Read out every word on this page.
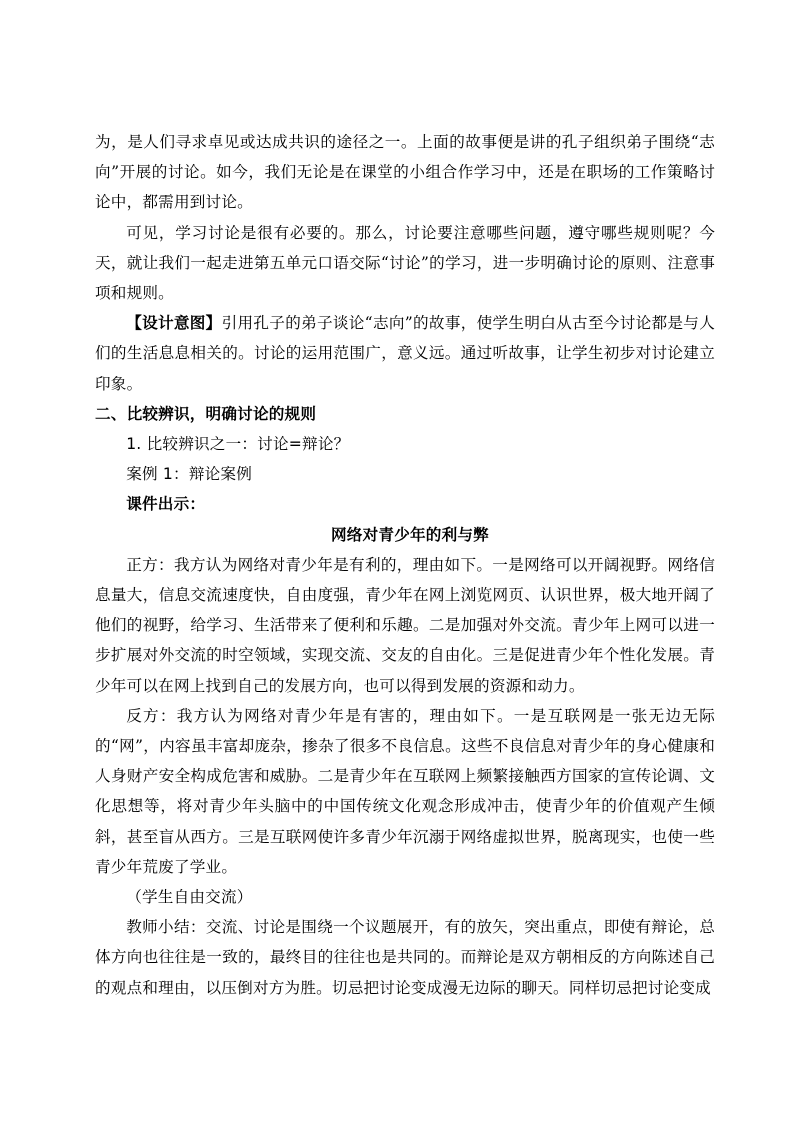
为，是人们寻求卓见或达成共识的途径之一。上面的故事便是讲的孔子组织弟子围绕“志向”开展的讨论。如今，我们无论是在课堂的小组合作学习中，还是在职场的工作策略讨论中，都需用到讨论。

可见，学习讨论是很有必要的。那么，讨论要注意哪些问题，遵守哪些规则呢？今天，就让我们一起走进第五单元口语交际“讨论”的学习，进一步明确讨论的原则、注意事项和规则。

【设计意图】引用孔子的弟子谈论“志向”的故事，使学生明白从古至今讨论都是与人们的生活息息相关的。讨论的运用范围广，意义远。通过听故事，让学生初步对讨论建立印象。

二、比较辨识，明确讨论的规则

1. 比较辨识之一：讨论=辩论？

案例 1：辩论案例

课件出示：

网络对青少年的利与弊

正方：我方认为网络对青少年是有利的，理由如下。一是网络可以开阔视野。网络信息量大，信息交流速度快，自由度强，青少年在网上浏览网页、认识世界，极大地开阔了他们的视野，给学习、生活带来了便利和乐趣。二是加强对外交流。青少年上网可以进一步扩展对外交流的时空领域，实现交流、交友的自由化。三是促进青少年个性化发展。青少年可以在网上找到自己的发展方向，也可以得到发展的资源和动力。

反方：我方认为网络对青少年是有害的，理由如下。一是互联网是一张无边无际的“网”，内容虽丰富却庞杂，掺杂了很多不良信息。这些不良信息对青少年的身心健康和人身财产安全构成危害和威胁。二是青少年在互联网上频繁接触西方国家的宣传论调、文化思想等，将对青少年头脑中的中国传统文化观念形成冲击，使青少年的价值观产生倾斜，甚至盲从西方。三是互联网使许多青少年沉溺于网络虚拟世界，脱离现实，也使一些青少年荒废了学业。

（学生自由交流）

教师小结：交流、讨论是围绕一个议题展开，有的放矢，突出重点，即使有辩论，总体方向也往往是一致的，最终目的往往也是共同的。而辩论是双方朝相反的方向陈述自己的观点和理由，以压倒对方为胜。切忌把讨论变成漫无边际的聊天。同样切忌把讨论变成
